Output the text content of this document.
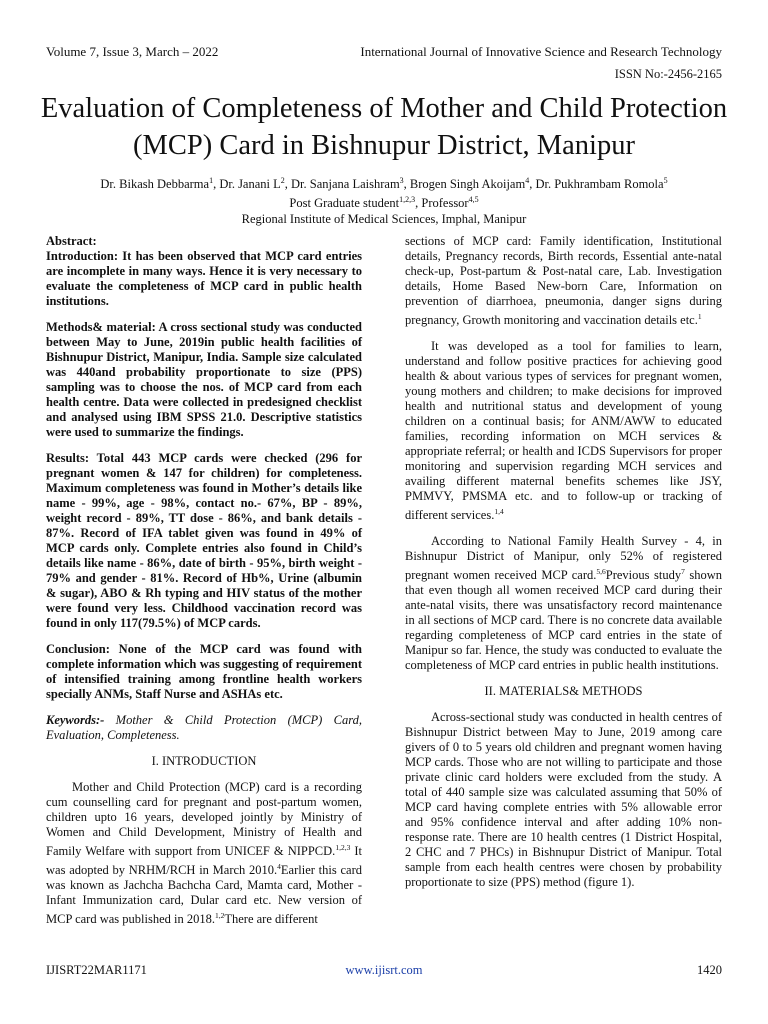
Volume 7, Issue 3, March – 2022	International Journal of Innovative Science and Research Technology
ISSN No:-2456-2165
Evaluation of Completeness of Mother and Child Protection (MCP) Card in Bishnupur District, Manipur
Dr. Bikash Debbarma$^1$, Dr. Janani $L^2$, Dr. Sanjana Laishram$^3$, Brogen Singh Akoijam$^4$, Dr. Pukhrambam Romola$^5$
Post Graduate student$^{1,2,3}$, Professor$^{4,5}$
Regional Institute of Medical Sciences, Imphal, Manipur
Abstract:

Introduction: It has been observed that MCP card entries are incomplete in many ways. Hence it is very necessary to evaluate the completeness of MCP card in public health institutions.

Methods& material: A cross sectional study was conducted between May to June, 2019in public health facilities of Bishnupur District, Manipur, India. Sample size calculated was 440and probability proportionate to size (PPS) sampling was to choose the nos. of MCP card from each health centre. Data were collected in predesigned checklist and analysed using IBM SPSS 21.0. Descriptive statistics were used to summarize the findings.

Results: Total 443 MCP cards were checked (296 for pregnant women & 147 for children) for completeness. Maximum completeness was found in Mother’s details like name - 99%, age - 98%, contact no.- 67%, BP - 89%, weight record - 89%, TT dose - 86%, and bank details - 87%. Record of IFA tablet given was found in 49% of MCP cards only. Complete entries also found in Child’s details like name - 86%, date of birth - 95%, birth weight - 79% and gender - 81%. Record of Hb%, Urine (albumin & sugar), ABO & Rh typing and HIV status of the mother were found very less. Childhood vaccination record was found in only 117(79.5%) of MCP cards.

Conclusion: None of the MCP card was found with complete information which was suggesting of requirement of intensified training among frontline health workers specially ANMs, Staff Nurse and ASHAs etc.

Keywords:- Mother & Child Protection (MCP) Card, Evaluation, Completeness.

I. INTRODUCTION

Mother and Child Protection (MCP) card is a recording cum counselling card for pregnant and post-partum women, children upto 16 years, developed jointly by Ministry of Women and Child Development, Ministry of Health and Family Welfare with support from UNICEF & NIPPCD.$^{1,2,3}$ It was adopted by NRHM/RCH in March 2010.$^4$Earlier this card was known as Jachcha Bachcha Card, Mamta card, Mother - Infant Immunization card, Dular card etc. New version of MCP card was published in 2018.$^{1,2}$There are different

sections of MCP card: Family identification, Institutional details, Pregnancy records, Birth records, Essential ante-natal check-up, Post-partum & Post-natal care, Lab. Investigation details, Home Based New-born Care, Information on prevention of diarrhoea, pneumonia, danger signs during pregnancy, Growth monitoring and vaccination details etc.$^1$

It was developed as a tool for families to learn, understand and follow positive practices for achieving good health & about various types of services for pregnant women, young mothers and children; to make decisions for improved health and nutritional status and development of young children on a continual basis; for ANM/AWW to educated families, recording information on MCH services & appropriate referral; or health and ICDS Supervisors for proper monitoring and supervision regarding MCH services and availing different maternal benefits schemes like JSY, PMMVY, PMSMA etc. and to follow-up or tracking of different services.$^{1,4}$

According to National Family Health Survey - 4, in Bishnupur District of Manipur, only 52% of registered pregnant women received MCP card.$^{5,6}$Previous study$^7$ shown that even though all women received MCP card during their ante-natal visits, there was unsatisfactory record maintenance in all sections of MCP card. There is no concrete data available regarding completeness of MCP card entries in the state of Manipur so far. Hence, the study was conducted to evaluate the completeness of MCP card entries in public health institutions.

II. MATERIALS& METHODS

Across-sectional study was conducted in health centres of Bishnupur District between May to June, 2019 among care givers of 0 to 5 years old children and pregnant women having MCP cards. Those who are not willing to participate and those private clinic card holders were excluded from the study. A total of 440 sample size was calculated assuming that 50% of MCP card having complete entries with 5% allowable error and 95% confidence interval and after adding 10% non-response rate. There are 10 health centres (1 District Hospital, 2 CHC and 7 PHCs) in Bishnupur District of Manipur. Total sample from each health centres were chosen by probability proportionate to size (PPS) method (figure 1).

IJISRT22MAR1171	www.ijisrt.com	1420
